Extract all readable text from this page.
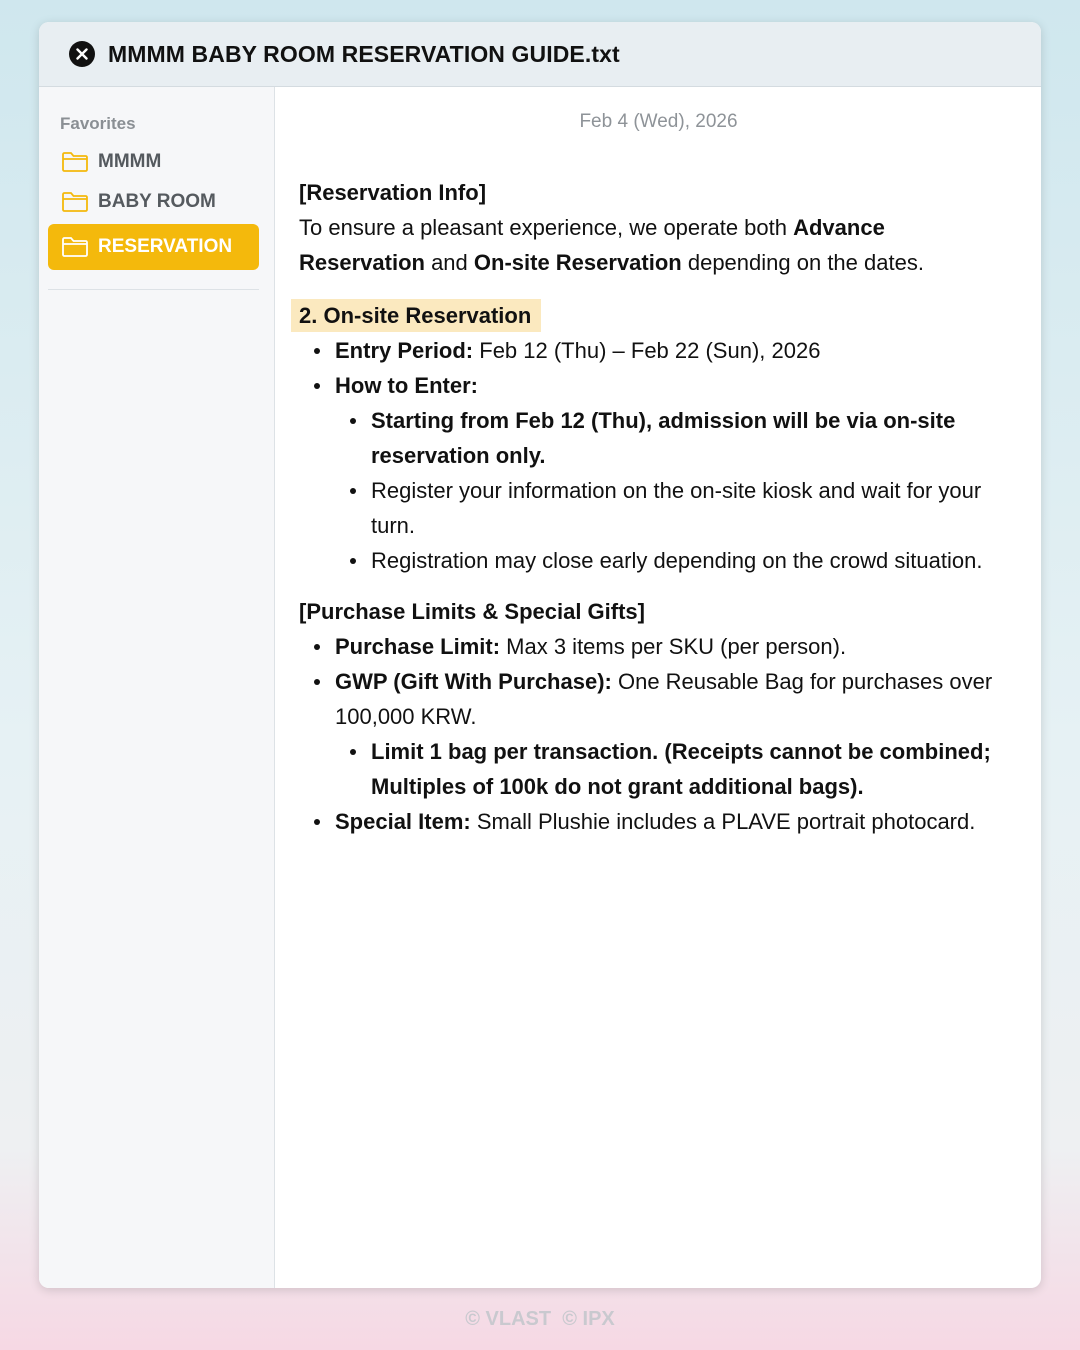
MMMM BABY ROOM RESERVATION GUIDE.txt
Favorites
MMMM
BABY ROOM
RESERVATION
Feb 4 (Wed), 2026
[Reservation Info]
To ensure a pleasant experience, we operate both Advance Reservation and On-site Reservation depending on the dates.
2. On-site Reservation
Entry Period: Feb 12 (Thu) – Feb 22 (Sun), 2026
How to Enter:
Starting from Feb 12 (Thu), admission will be via on-site reservation only.
Register your information on the on-site kiosk and wait for your turn.
Registration may close early depending on the crowd situation.
[Purchase Limits & Special Gifts]
Purchase Limit: Max 3 items per SKU (per person).
GWP (Gift With Purchase): One Reusable Bag for purchases over 100,000 KRW.
Limit 1 bag per transaction. (Receipts cannot be combined; Multiples of 100k do not grant additional bags).
Special Item: Small Plushie includes a PLAVE portrait photocard.
© VLAST © IPX
